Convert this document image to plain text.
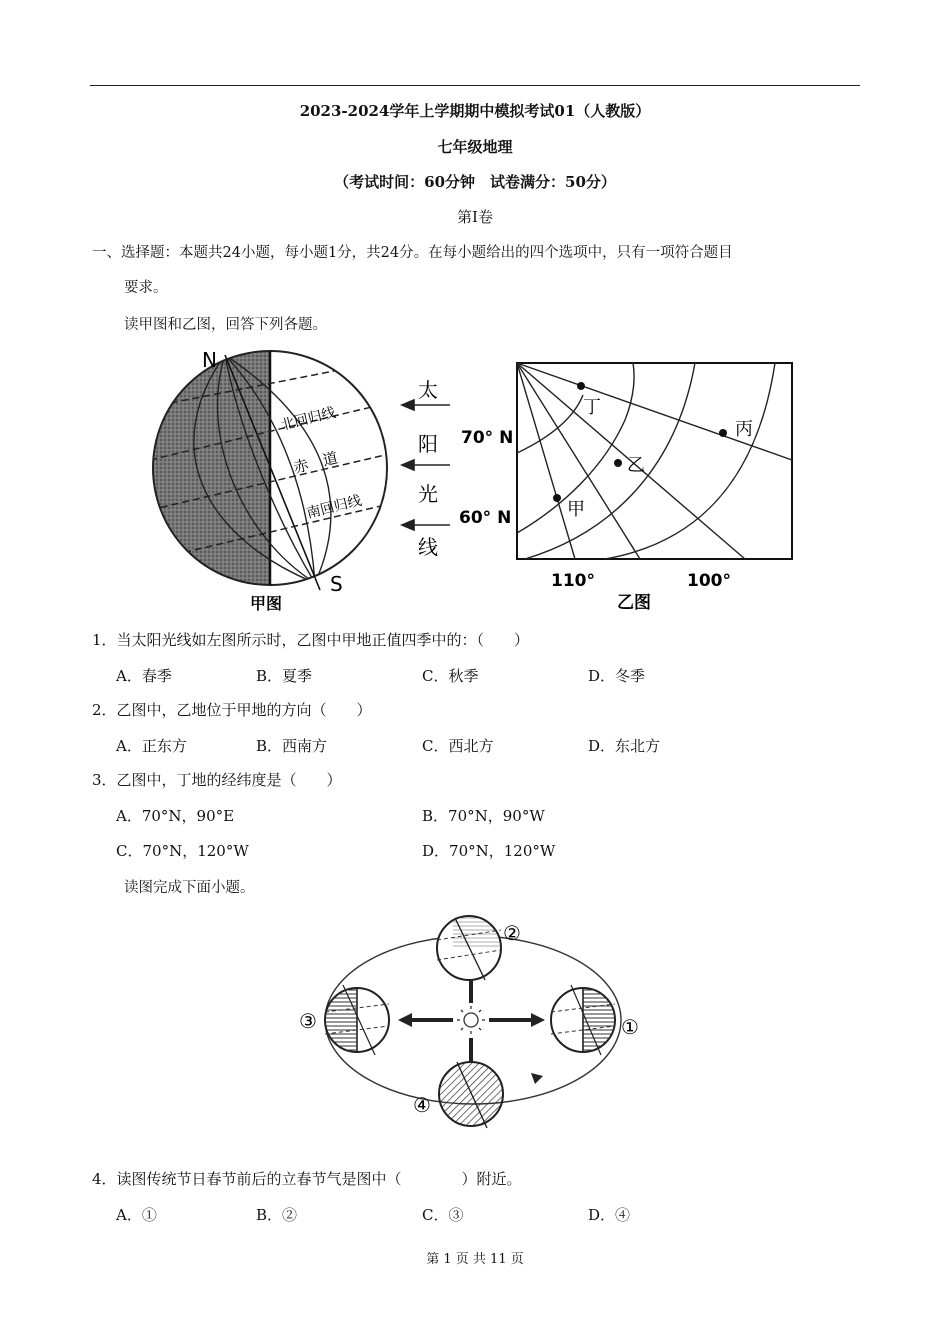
2023-2024学年上学期期中模拟考试01（人教版）
七年级地理
（考试时间：60分钟　试卷满分：50分）
第Ⅰ卷
一、选择题：本题共24小题，每小题1分，共24分。在每小题给出的四个选项中，只有一项符合题目
要求。
读甲图和乙图，回答下列各题。
N
S
北回归线
赤　道
南回归线
甲图
太
阳
光
线
丁
丙
乙
甲
70° N
60° N
110°	100°
乙图
1．当太阳光线如左图所示时，乙图中甲地正值四季中的：（　　）
A．春季	B．夏季	C．秋季	D．冬季
2．乙图中，乙地位于甲地的方向（　　）
A．正东方	B．西南方	C．西北方	D．东北方
3．乙图中，丁地的经纬度是（　　）
A．70°N，90°E	B．70°N，90°W
C．70°N，120°W	D．70°N，120°W
读图完成下面小题。
②
③	①
④
4．读图传统节日春节前后的立春节气是图中（　　　　）附近。
A．①	B．②	C．③	D．④
第 1 页 共 11 页
